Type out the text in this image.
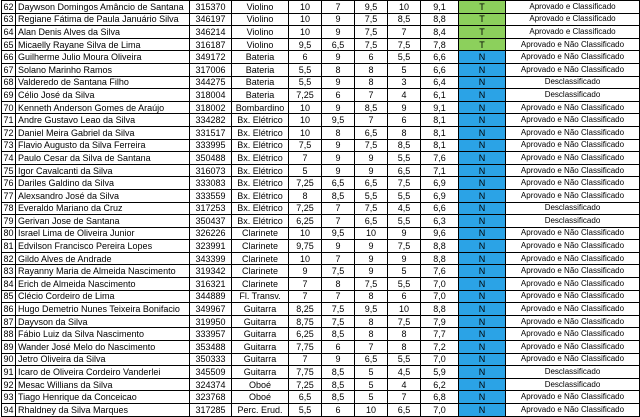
62	Daywson Domingos Amâncio de Santana	315370	Violino	10	7	9,5	10	9,1	T	Aprovado e Classificado
63	Regiane Fátima de Paula Januário Silva	346197	Violino	10	9	7,5	8,5	8,8	T	Aprovado e Classificado
64	Alan Denis Alves da Silva	346214	Violino	10	9	7,5	7	8,4	T	Aprovado e Classificado
65	Micaelly Rayane Silva de Lima	316187	Violino	9,5	6,5	7,5	7,5	7,8	T	Aprovado e Não Classificado
66	Guilherme Julio Moura Oliveira	349172	Bateria	6	9	6	5,5	6,6	N	Aprovado e Não Classificado
67	Solano Marinho Ramos	317006	Bateria	5,5	8	8	5	6,6	N	Aprovado e Não Classificado
68	Valderedo de Santana Filho	344275	Bateria	5,5	9	8	3	6,4	N	Desclassificado
69	Célio José da Silva	318004	Bateria	7,25	6	7	4	6,1	N	Desclassificado
70	Kenneth Anderson Gomes de Araújo	318002	Bombardino	10	9	8,5	9	9,1	N	Aprovado e Não Classificado
71	Andre Gustavo Leao da Silva	334282	Bx. Elétrico	10	9,5	7	6	8,1	N	Aprovado e Não Classificado
72	Daniel Meira Gabriel da Silva	331517	Bx. Elétrico	10	8	6,5	8	8,1	N	Aprovado e Não Classificado
73	Flavio Augusto da Silva Ferreira	333995	Bx. Elétrico	7,5	9	7,5	8,5	8,1	N	Aprovado e Não Classificado
74	Paulo Cesar da Silva de Santana	350488	Bx. Elétrico	7	9	9	5,5	7,6	N	Aprovado e Não Classificado
75	Igor Cavalcanti da Silva	316073	Bx. Elétrico	5	9	9	6,5	7,1	N	Aprovado e Não Classificado
76	Dariles Galdino da Silva	333083	Bx. Elétrico	7,25	6,5	6,5	7,5	6,9	N	Aprovado e Não Classificado
77	Alexsandro José da Silva	333559	Bx. Elétrico	8	8,5	5,5	5,5	6,9	N	Aprovado e Não Classificado
78	Everaldo Mariano da Cruz	317253	Bx. Elétrico	7,25	7	7,5	4,5	6,6	N	Desclassificado
79	Gerivan Jose de Santana	350437	Bx. Elétrico	6,25	7	6,5	5,5	6,3	N	Desclassificado
80	Israel Lima de Oliveira Junior	326226	Clarinete	10	9,5	10	9	9,6	N	Aprovado e Não Classificado
81	Edvilson Francisco Pereira Lopes	323991	Clarinete	9,75	9	9	7,5	8,8	N	Aprovado e Não Classificado
82	Gildo Alves de Andrade	343399	Clarinete	10	7	9	9	8,8	N	Aprovado e Não Classificado
83	Rayanny Maria de Almeida Nascimento	319342	Clarinete	9	7,5	9	5	7,6	N	Aprovado e Não Classificado
84	Erich de Almeida Nascimento	316321	Clarinete	7	8	7,5	5,5	7,0	N	Aprovado e Não Classificado
85	Clécio Cordeiro de Lima	344889	Fl. Transv.	7	7	8	6	7,0	N	Aprovado e Não Classificado
86	Hugo Demetrio Nunes Teixeira Bonifacio	349967	Guitarra	8,25	7,5	9,5	10	8,8	N	Aprovado e Não Classificado
87	Dayvson da Silva	319950	Guitarra	8,75	7,5	8	7,5	7,9	N	Aprovado e Não Classificado
88	Fábio Luiz da Silva Nascimento	333957	Guitarra	6,25	8,5	8	8	7,7	N	Aprovado e Não Classificado
89	Wander José Melo do Nascimento	353488	Guitarra	7,75	6	7	8	7,2	N	Aprovado e Não Classificado
90	Jetro Oliveira da Silva	350333	Guitarra	7	9	6,5	5,5	7,0	N	Aprovado e Não Classificado
91	Icaro de Oliveira Cordeiro Vanderlei	345509	Guitarra	7,75	8,5	5	4,5	5,9	N	Desclassificado
92	Mesac Willians da Silva	324374	Oboé	7,25	8,5	5	4	6,2	N	Desclassificado
93	Tiago Henrique da Conceicao	323768	Oboé	6,5	8,5	5	7	6,8	N	Aprovado e Não Classificado
94	Rhaldney da Silva Marques	317285	Perc. Erud.	5,5	6	10	6,5	7,0	N	Aprovado e Não Classificado
